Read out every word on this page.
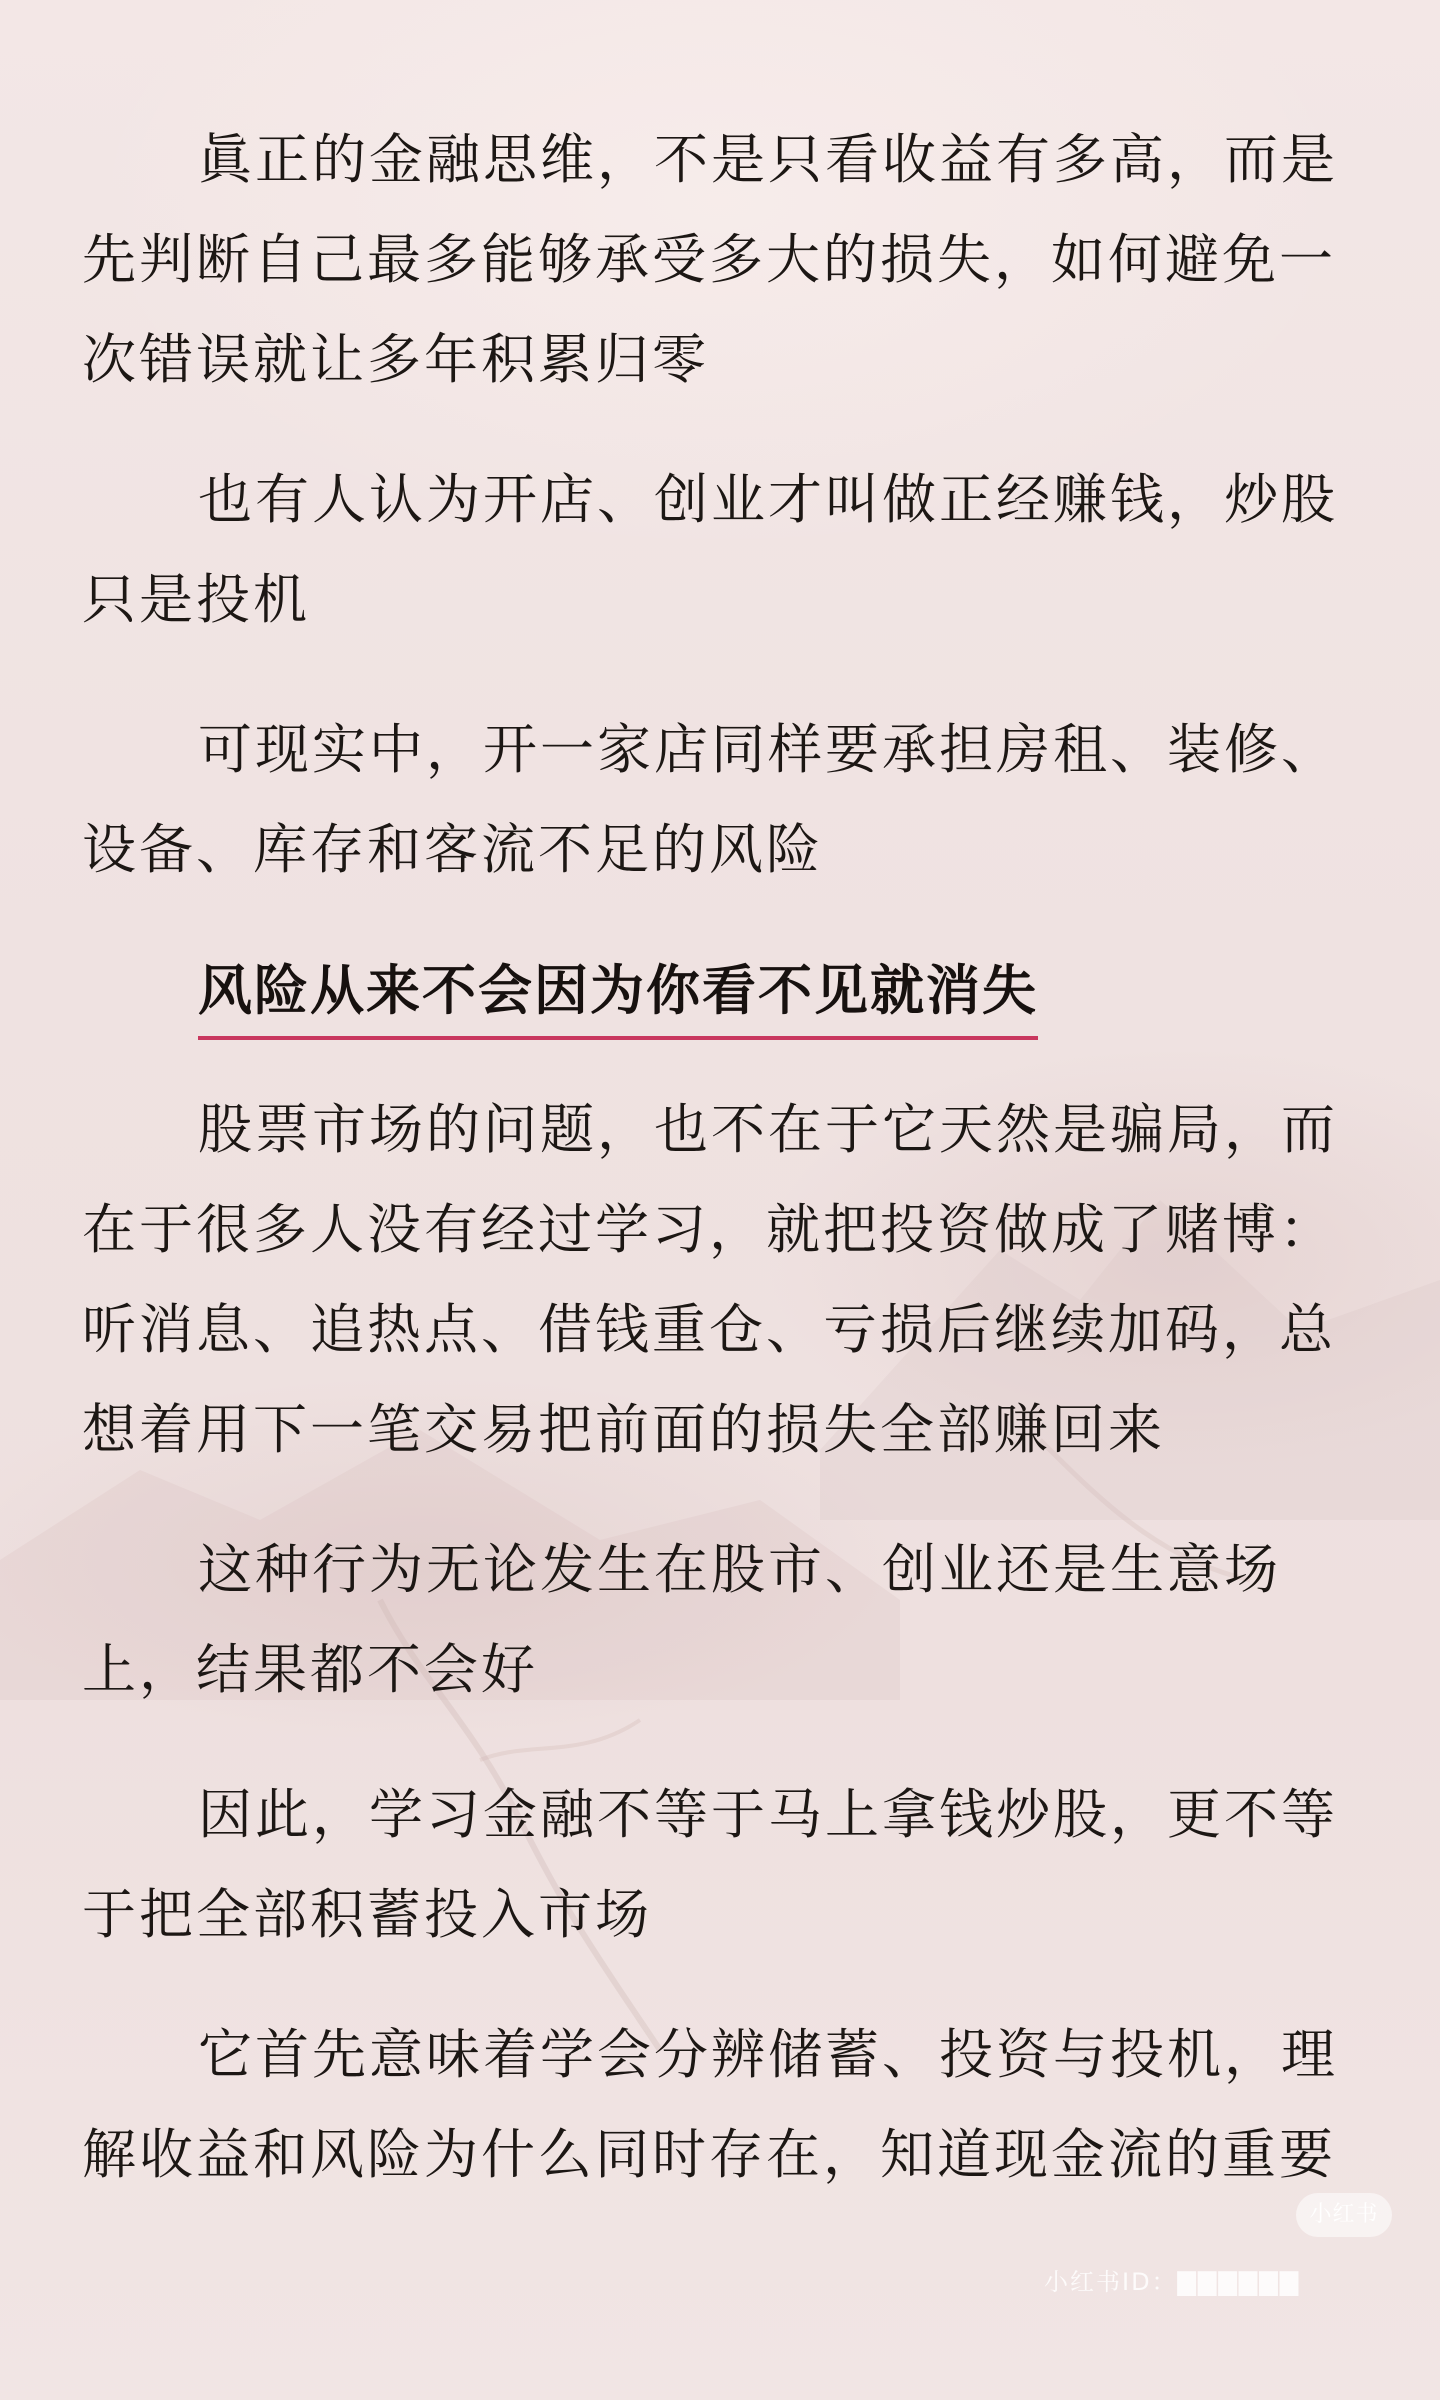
眞正的金融思维，不是只看收益有多高，而是先判断自己最多能够承受多大的损失，如何避免一次错误就让多年积累归零

也有人认为开店、创业才叫做正经赚钱，炒股只是投机

可现实中，开一家店同样要承担房租、装修、设备、库存和客流不足的风险

风险从来不会因为你看不见就消失

股票市场的问题，也不在于它天然是骗局，而在于很多人没有经过学习，就把投资做成了赌博：听消息、追热点、借钱重仓、亏损后继续加码，总想着用下一笔交易把前面的损失全部赚回来

这种行为无论发生在股市、创业还是生意场上，结果都不会好

因此，学习金融不等于马上拿钱炒股，更不等于把全部积蓄投入市场

它首先意味着学会分辨储蓄、投资与投机，理解收益和风险为什么同时存在，知道现金流的重要

小红书
小红书ID：▇▇▇▇▇▇
